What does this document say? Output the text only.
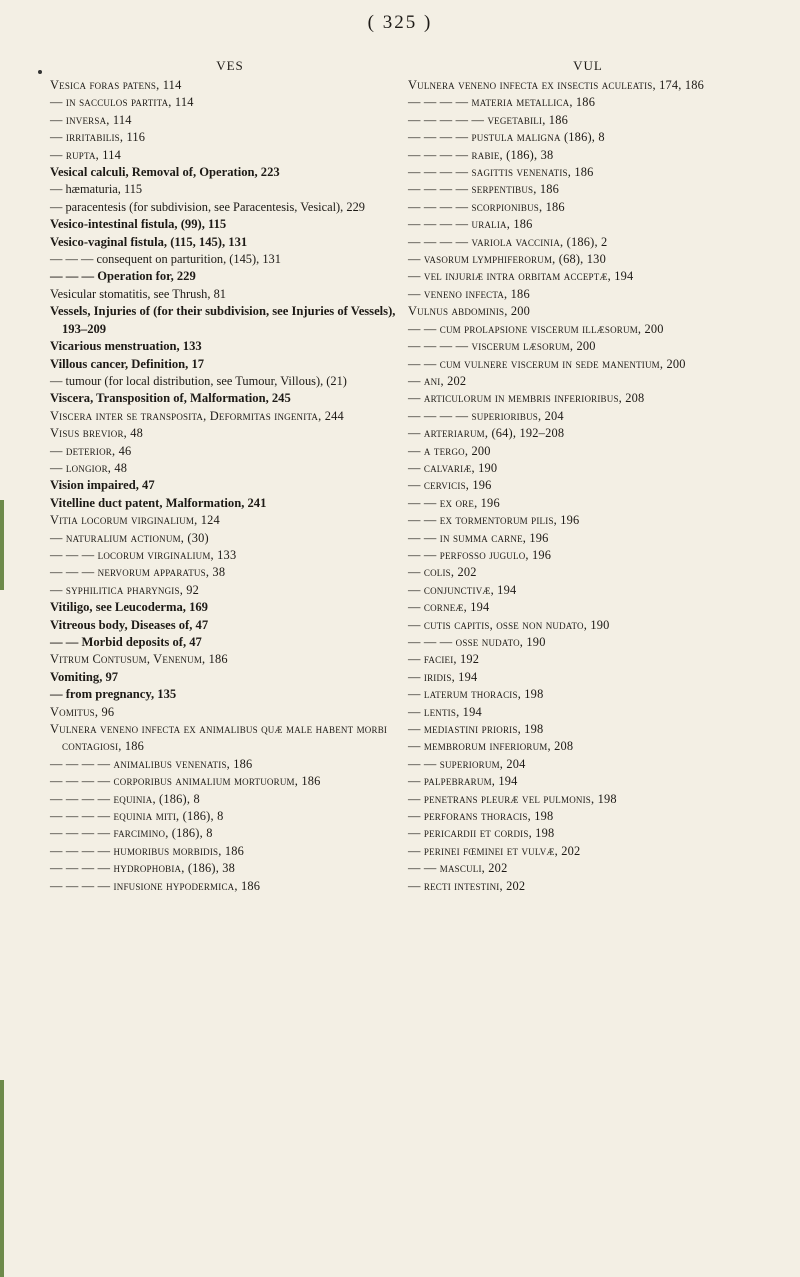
( 325 )
VES
Vesica foras patens, 114
— in sacculos partita, 114
— inversa, 114
— irritabilis, 116
— rupta, 114
Vesical calculi, Removal of, Operation, 223
— hæmaturia, 115
— paracentesis (for subdivision, see Paracentesis, Vesical), 229
Vesico-intestinal fistula, (99), 115
Vesico-vaginal fistula, (115, 145), 131
— — — consequent on parturition, (145), 131
— — — Operation for, 229
Vesicular stomatitis, see Thrush, 81
Vessels, Injuries of (for their subdivision, see Injuries of Vessels), 193–209
Vicarious menstruation, 133
Villous cancer, Definition, 17
— tumour (for local distribution, see Tumour, Villous), (21)
Viscera, Transposition of, Malformation, 245
Viscera inter se transposita, Deformitas ingenita, 244
Visus brevior, 48
— deterior, 46
— longior, 48
Vision impaired, 47
Vitelline duct patent, Malformation, 241
Vitia locorum virginalium, 124
— naturalium actionum, (30)
— — — locorum virginalium, 133
— — — nervorum apparatus, 38
— syphilitica pharyngis, 92
Vitiligo, see Leucoderma, 169
Vitreous body, Diseases of, 47
— — Morbid deposits of, 47
Vitrum Contusum, Venenum, 186
Vomiting, 97
— from pregnancy, 135
Vomitus, 96
Vulnera veneno infecta ex animalibus quæ male habent morbi contagiosi, 186
— — — — animalibus venenatis, 186
— — — — corporibus animalium mortuorum, 186
— — — — equinia, (186), 8
— — — — equinia miti, (186), 8
— — — — farcimino, (186), 8
— — — — humoribus morbidis, 186
— — — — hydrophobia, (186), 38
— — — — infusione hypodermica, 186
VUL
Vulnera veneno infecta ex insectis aculeatis, 174, 186
— — — — materia metallica, 186
— — — — — vegetabili, 186
— — — — pustula maligna (186), 8
— — — — rabie, (186), 38
— — — — sagittis venenatis, 186
— — — — serpentibus, 186
— — — — scorpionibus, 186
— — — — uralia, 186
— — — — variola vaccinia, (186), 2
— vasorum lymphiferorum, (68), 130
— vel injuriæ intra orbitam acceptæ, 194
— veneno infecta, 186
Vulnus abdominis, 200
— — cum prolapsione viscerum illæsorum, 200
— — — — viscerum læsorum, 200
— — cum vulnere viscerum in sede manentium, 200
— ani, 202
— articulorum in membris inferioribus, 208
— — — — superioribus, 204
— arteriarum, (64), 192–208
— a tergo, 200
— calvariæ, 190
— cervicis, 196
— — ex ore, 196
— — ex tormentorum pilis, 196
— — in summa carne, 196
— — perfosso jugulo, 196
— colis, 202
— conjunctivæ, 194
— corneæ, 194
— cutis capitis, osse non nudato, 190
— — — osse nudato, 190
— faciei, 192
— iridis, 194
— laterum thoracis, 198
— lentis, 194
— mediastini prioris, 198
— membrorum inferiorum, 208
— — superiorum, 204
— palpebrarum, 194
— penetrans pleuræ vel pulmonis, 198
— perforans thoracis, 198
— pericardii et cordis, 198
— perinei fœminei et vulvæ, 202
— — masculi, 202
— recti intestini, 202
